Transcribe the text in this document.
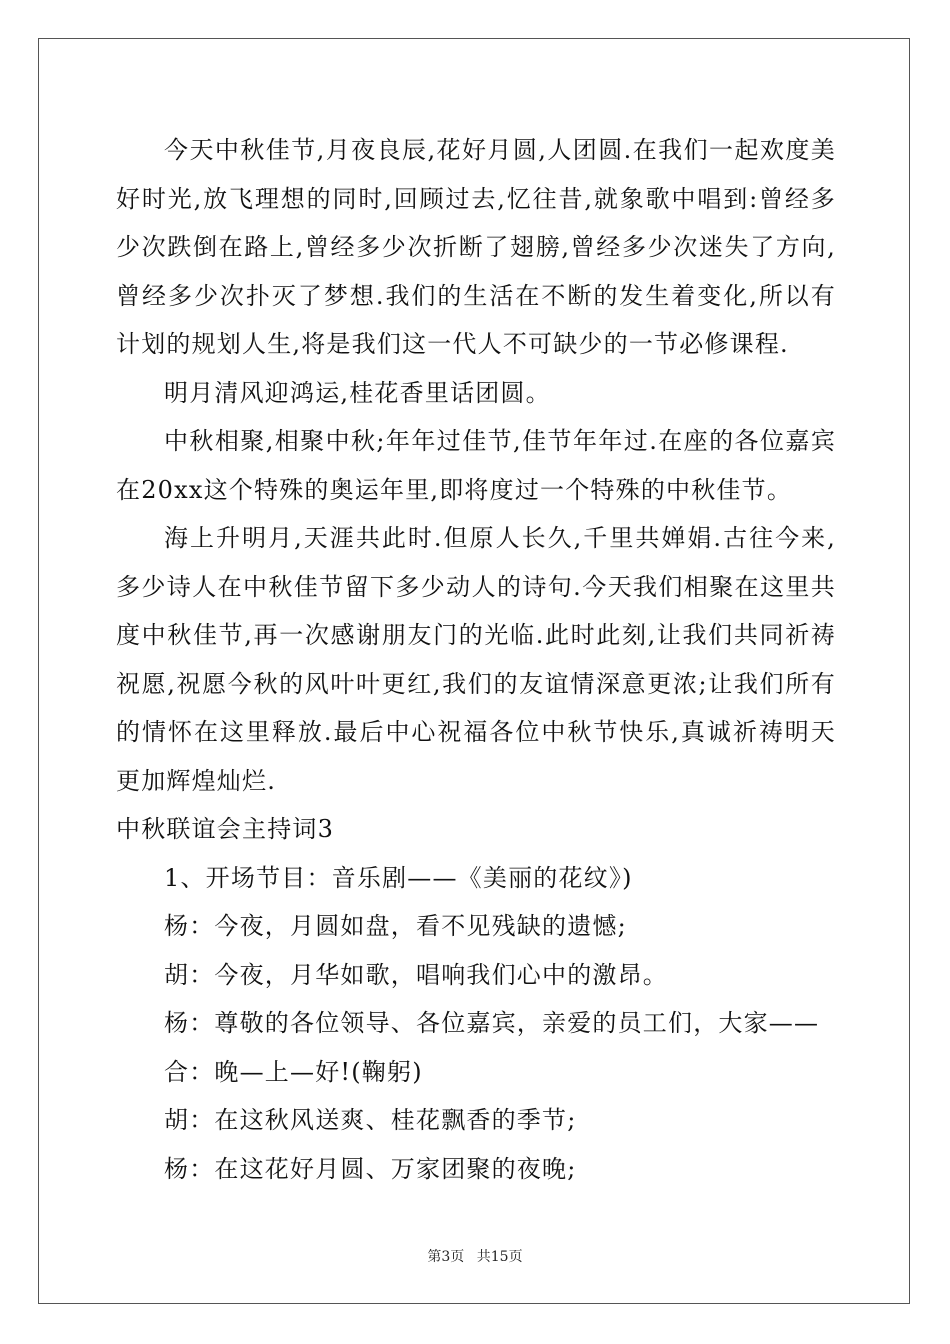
今天中秋佳节,月夜良辰,花好月圆,人团圆.在我们一起欢度美好时光,放飞理想的同时,回顾过去,忆往昔,就象歌中唱到:曾经多少次跌倒在路上,曾经多少次折断了翅膀,曾经多少次迷失了方向,曾经多少次扑灭了梦想.我们的生活在不断的发生着变化,所以有计划的规划人生,将是我们这一代人不可缺少的一节必修课程.

明月清风迎鸿运,桂花香里话团圆。

中秋相聚,相聚中秋;年年过佳节,佳节年年过.在座的各位嘉宾在20xx这个特殊的奥运年里,即将度过一个特殊的中秋佳节。

海上升明月,天涯共此时.但原人长久,千里共婵娟.古往今来,多少诗人在中秋佳节留下多少动人的诗句.今天我们相聚在这里共度中秋佳节,再一次感谢朋友门的光临.此时此刻,让我们共同祈祷祝愿,祝愿今秋的风叶叶更红,我们的友谊情深意更浓;让我们所有的情怀在这里释放.最后中心祝福各位中秋节快乐,真诚祈祷明天更加辉煌灿烂.

中秋联谊会主持词3

1、开场节目：音乐剧——《美丽的花纹》)

杨：今夜，月圆如盘，看不见残缺的遗憾;

胡：今夜，月华如歌，唱响我们心中的激昂。

杨：尊敬的各位领导、各位嘉宾，亲爱的员工们，大家——

合：晚—上—好!(鞠躬)

胡：在这秋风送爽、桂花飘香的季节;

杨：在这花好月圆、万家团聚的夜晚;

第3页 共15页
